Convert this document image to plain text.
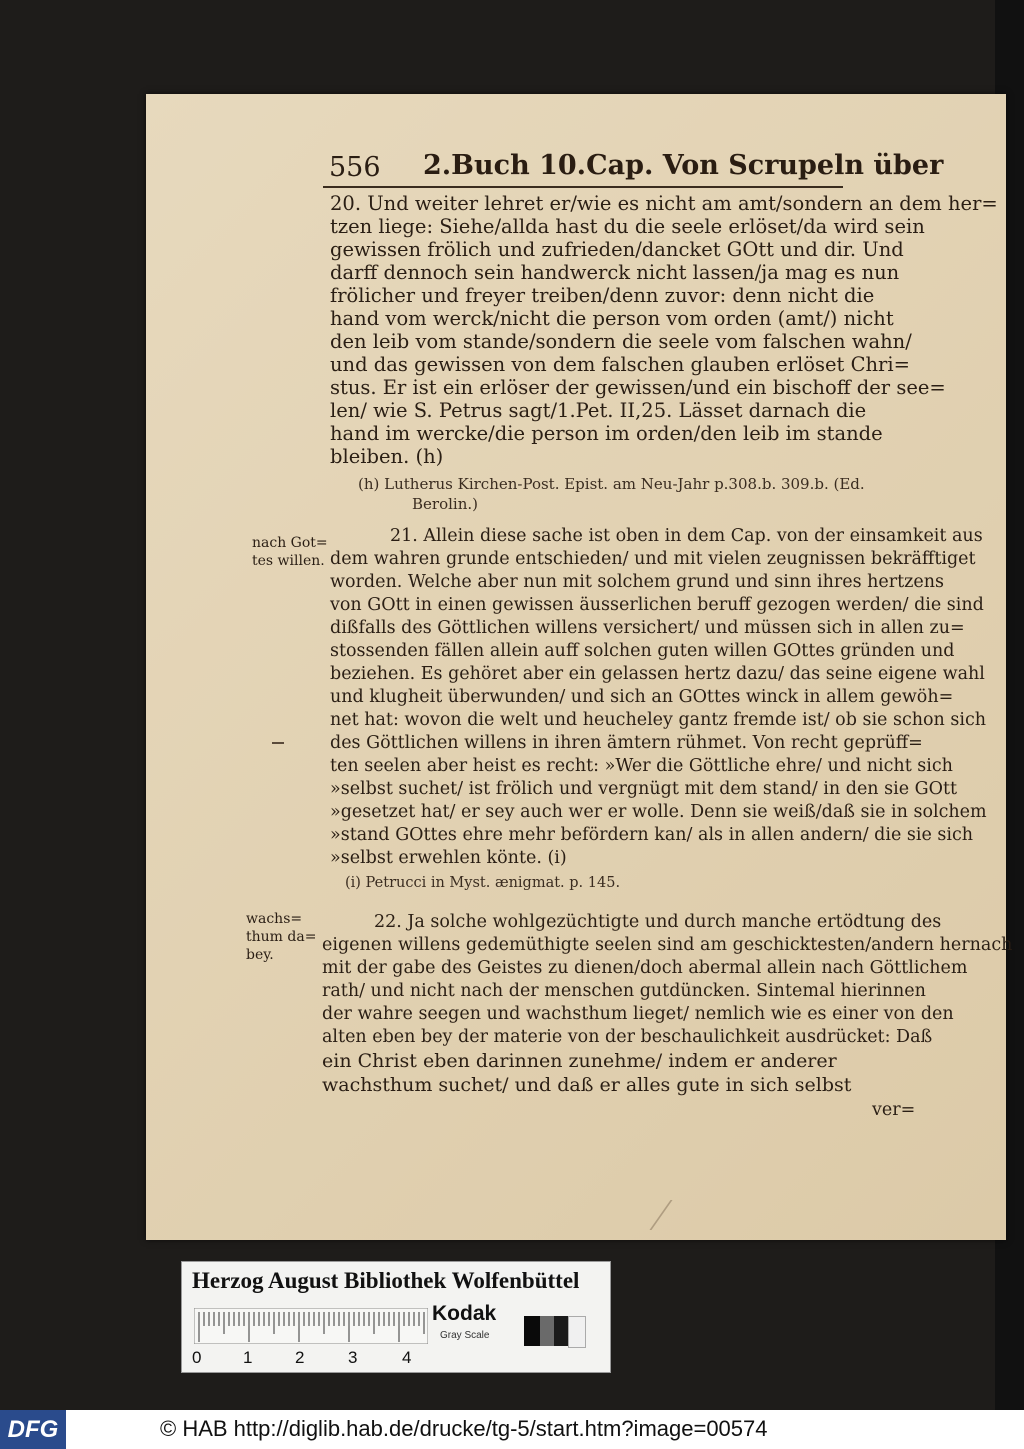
556 2.Buch 10.Cap. Von Scrupeln über
20. Und weiter lehret er/wie es nicht am amt/sondern an dem her=
tzen liege: Siehe/allda hast du die seele erlöset/da wird sein
gewissen frölich und zufrieden/dancket GOtt und dir. Und
darff dennoch sein handwerck nicht lassen/ja mag es nun
frölicher und freyer treiben/denn zuvor: denn nicht die
hand vom werck/nicht die person vom orden (amt/) nicht
den leib vom stande/sondern die seele vom falschen wahn/
und das gewissen von dem falschen glauben erlöset Chri=
stus. Er ist ein erlöser der gewissen/und ein bischoff der see=
len/ wie S. Petrus sagt/1.Pet. II,25. Lässet darnach die
hand im wercke/die person im orden/den leib im stande
bleiben. (h)
(h) Lutherus Kirchen-Post. Epist. am Neu-Jahr p.308.b. 309.b. (Ed.
Berolin.)
nach Got=
tes willen.
21. Allein diese sache ist oben in dem Cap. von der einsamkeit aus
dem wahren grunde entschieden/ und mit vielen zeugnissen bekräfftiget
worden. Welche aber nun mit solchem grund und sinn ihres hertzens
von GOtt in einen gewissen äusserlichen beruff gezogen werden/ die sind
dißfalls des Göttlichen willens versichert/ und müssen sich in allen zu=
stossenden fällen allein auff solchen guten willen GOttes gründen und
beziehen. Es gehöret aber ein gelassen hertz dazu/ das seine eigene wahl
und klugheit überwunden/ und sich an GOttes winck in allem gewöh=
net hat: wovon die welt und heucheley gantz fremde ist/ ob sie schon sich
des Göttlichen willens in ihren ämtern rühmet. Von recht geprüff=
ten seelen aber heist es recht: »Wer die Göttliche ehre/ und nicht sich
»selbst suchet/ ist frölich und vergnügt mit dem stand/ in den sie GOtt
»gesetzet hat/ er sey auch wer er wolle. Denn sie weiß/daß sie in solchem
»stand GOttes ehre mehr befördern kan/ als in allen andern/ die sie sich
»selbst erwehlen könte. (i)
(i) Petrucci in Myst. ænigmat. p. 145.
wachs=
thum da=
bey.
22. Ja solche wohlgezüchtigte und durch manche ertödtung des
eigenen willens gedemüthigte seelen sind am geschicktesten/andern hernach
mit der gabe des Geistes zu dienen/doch abermal allein nach Göttlichem
rath/ und nicht nach der menschen gutdüncken. Sintemal hierinnen
der wahre seegen und wachsthum lieget/ nemlich wie es einer von den
alten eben bey der materie von der beschaulichkeit ausdrücket: Daß
ein Christ eben darinnen zunehme/ indem er anderer
wachsthum suchet/ und daß er alles gute in sich selbst
ver=
Herzog August Bibliothek Wolfenbüttel
0 1	2	3	4
Kodak
Gray Scale
DFG	© HAB http://diglib.hab.de/drucke/tg-5/start.htm?image=00574
